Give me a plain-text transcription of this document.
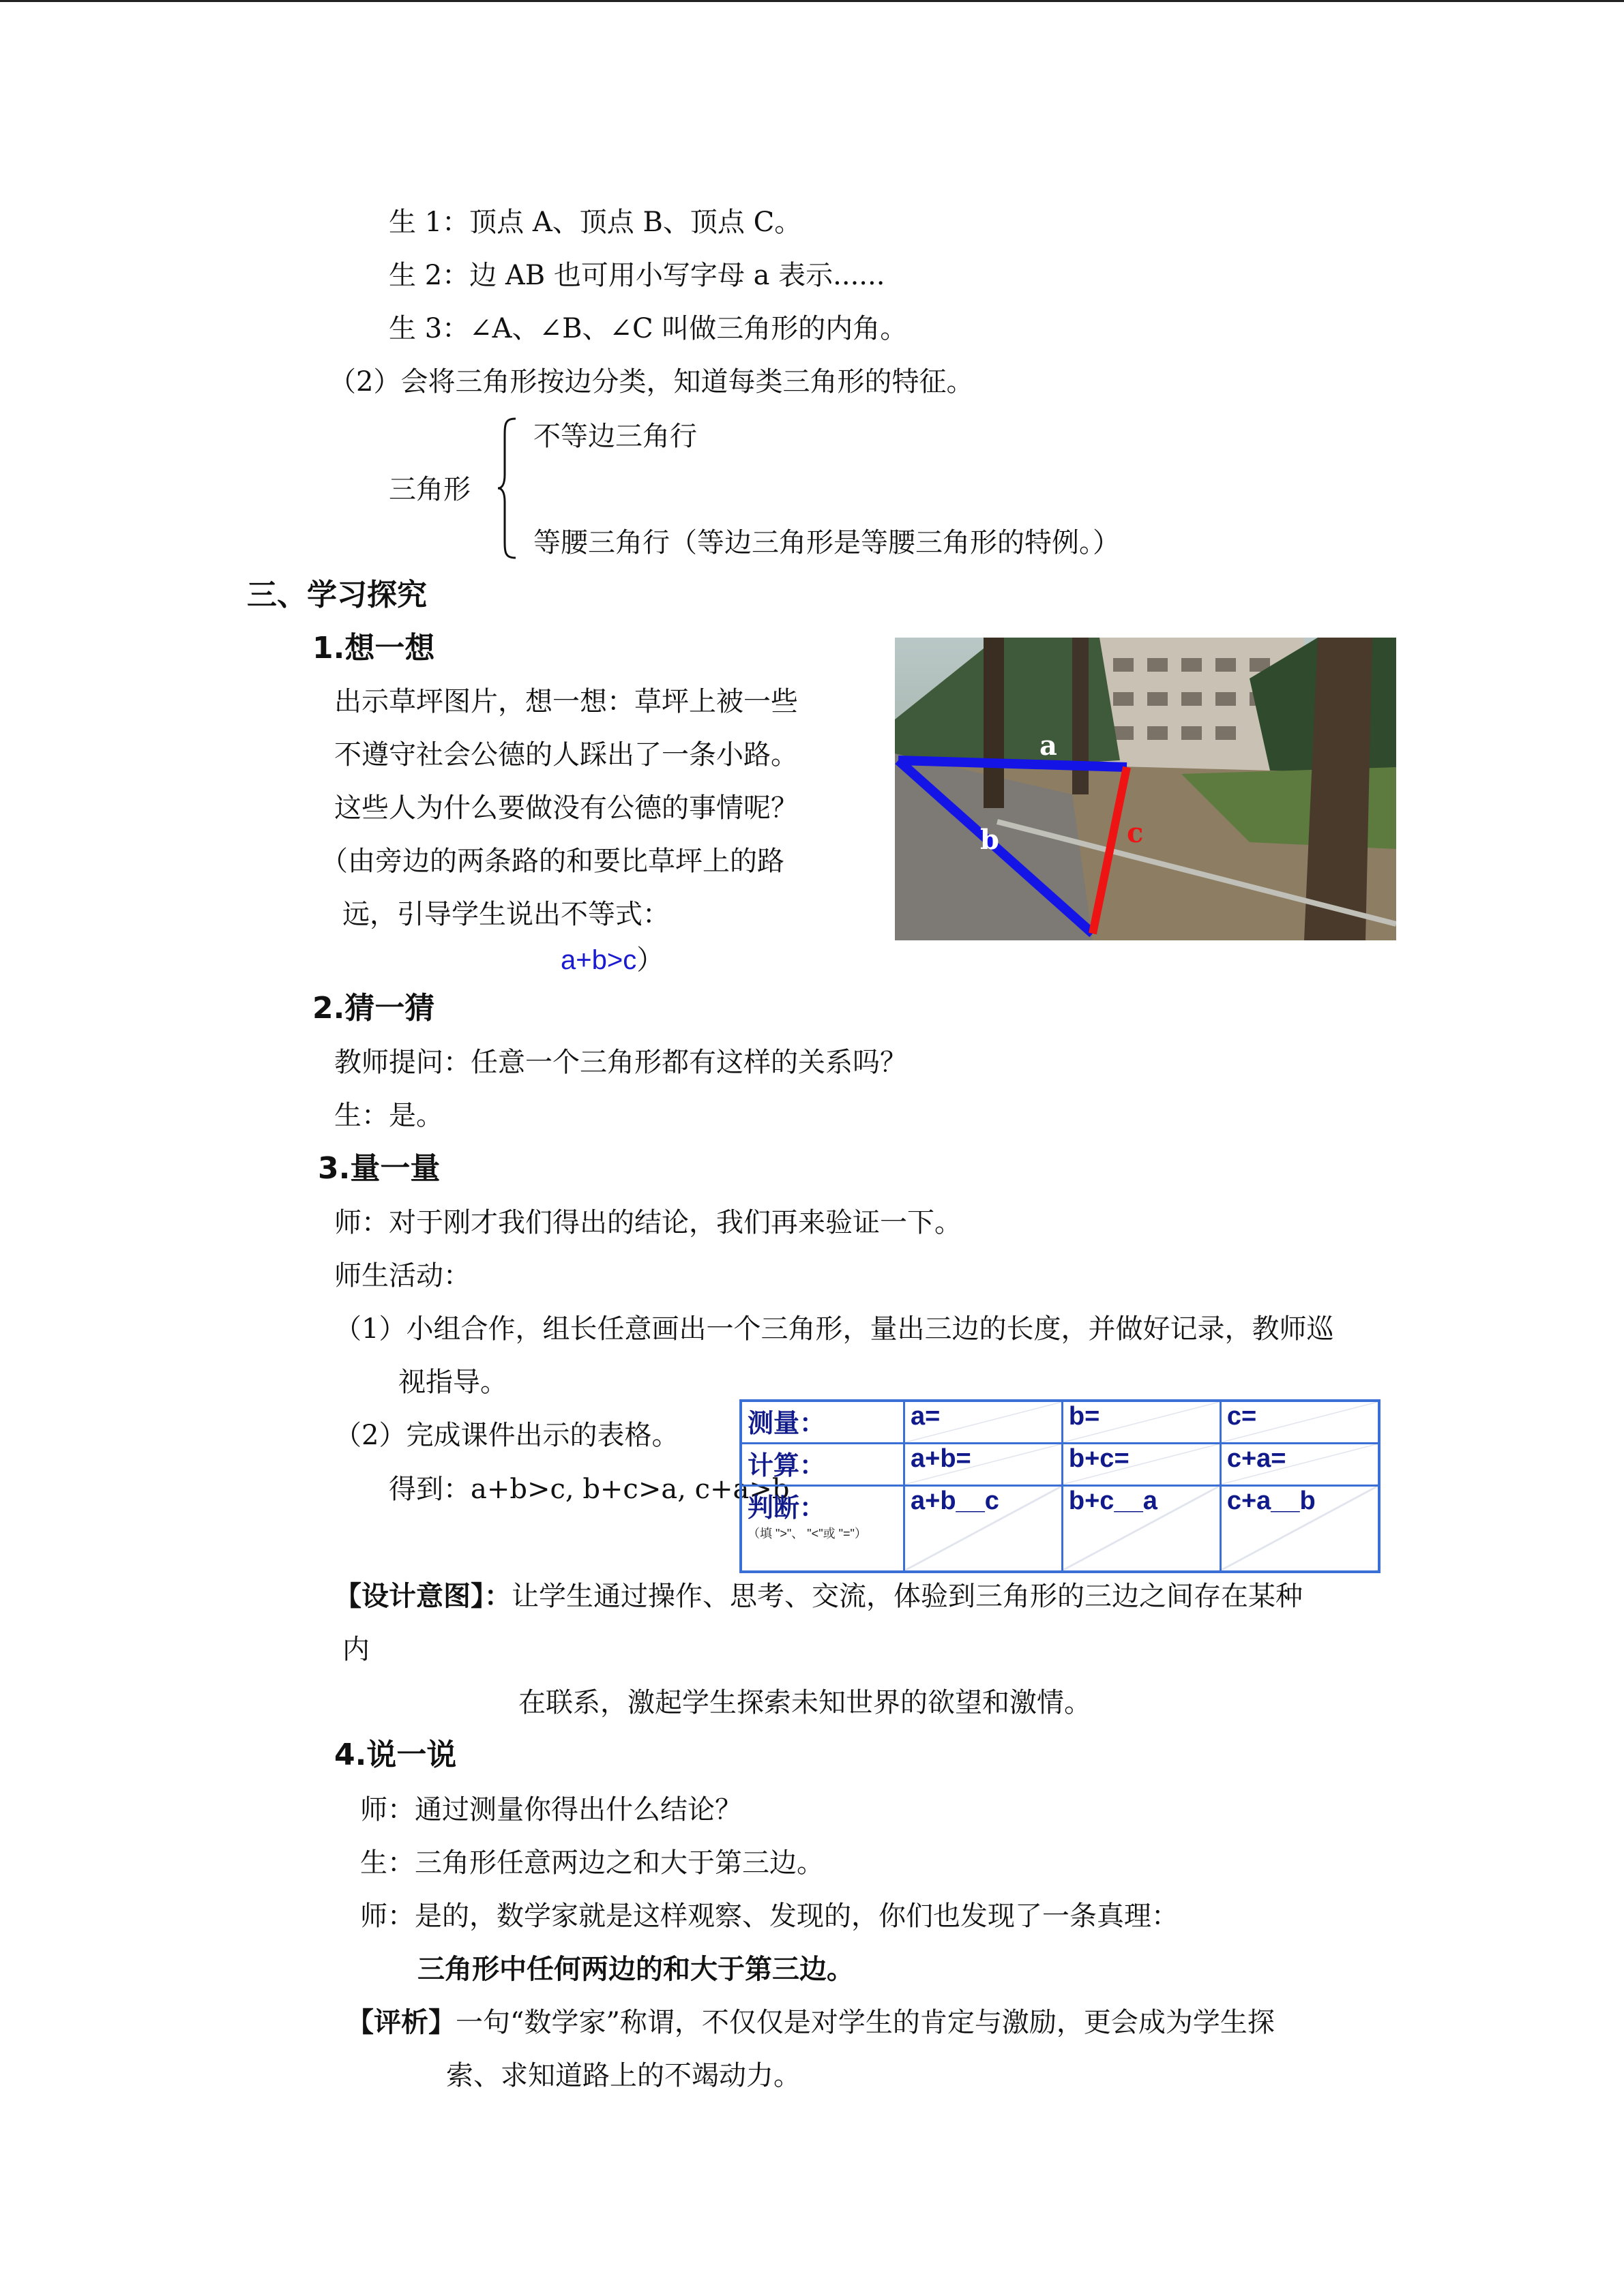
生 1：顶点 A、顶点 B、顶点 C。
生 2：边 AB 也可用小写字母 a 表示......
生 3：∠A、∠B、∠C 叫做三角形的内角。
（2）会将三角形按边分类，知道每类三角形的特征。
三角形
不等边三角行
等腰三角行（等边三角形是等腰三角形的特例。）
三、学习探究
1.想一想
出示草坪图片，想一想：草坪上被一些
不遵守社会公德的人踩出了一条小路。
这些人为什么要做没有公德的事情呢？
（由旁边的两条路的和要比草坪上的路
远，引导学生说出不等式：
a+b>c）
a
b	c
2.猜一猜
教师提问：任意一个三角形都有这样的关系吗？
生：是。
3.量一量
师：对于刚才我们得出的结论，我们再来验证一下。
师生活动：
（1）小组合作，组长任意画出一个三角形，量出三边的长度，并做好记录，教师巡
视指导。
（2）完成课件出示的表格。
得到：a+b>c, b+c>a, c+a>b
测量：	a=	b=	c=
计算：	a+b=	b+c=	c+a=
判断：
（填 ">"、 "<"或 "="）	a+b__c	b+c__a	c+a__b
【设计意图】：让学生通过操作、思考、交流，体验到三角形的三边之间存在某种
内
在联系，激起学生探索未知世界的欲望和激情。
4.说一说
师：通过测量你得出什么结论？
生：三角形任意两边之和大于第三边。
师：是的，数学家就是这样观察、发现的，你们也发现了一条真理：
三角形中任何两边的和大于第三边。
【评析】一句“数学家”称谓，不仅仅是对学生的肯定与激励，更会成为学生探
索、求知道路上的不竭动力。
